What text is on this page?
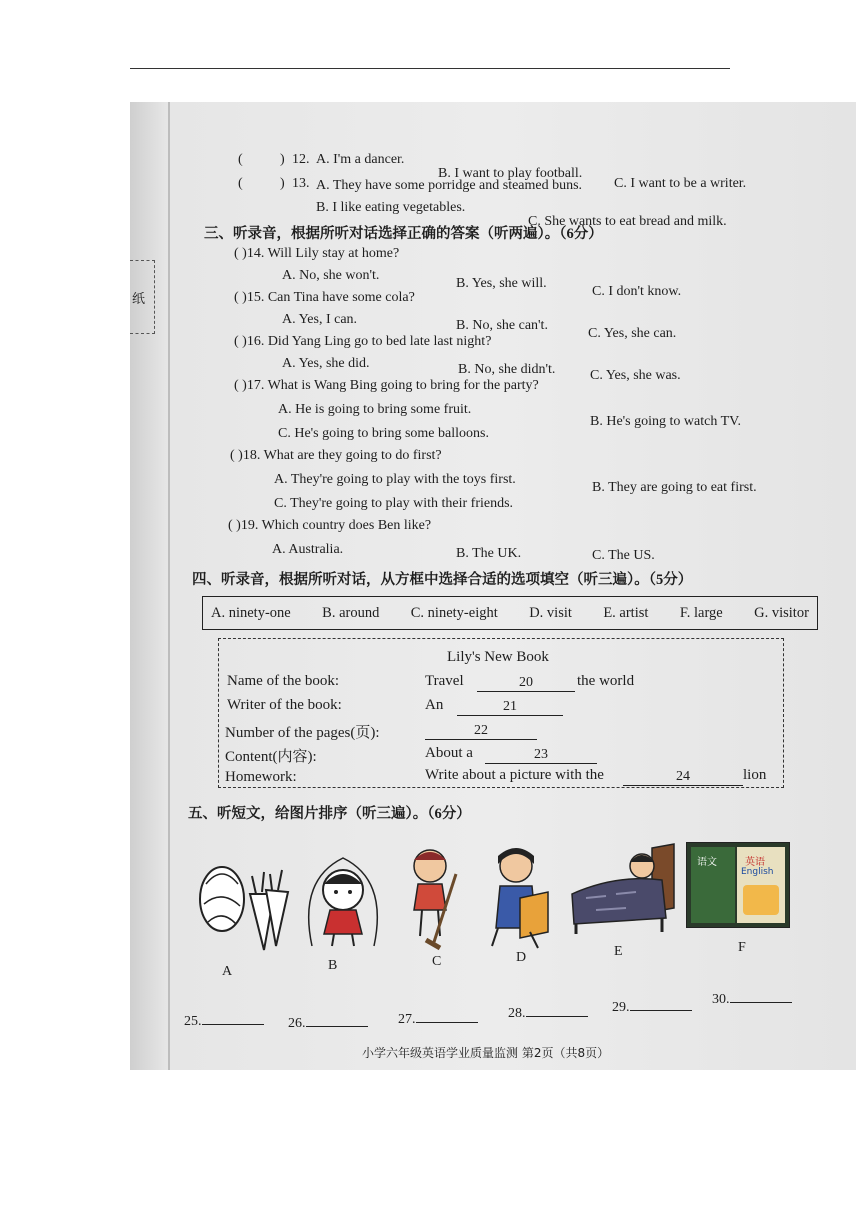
纸
(	) 12. A. I'm a dancer.
B. I want to play football.
C. I want to be a writer.
(	) 13. A. They have some porridge and steamed buns.
B. I like eating vegetables.
C. She wants to eat bread and milk.
三、听录音，根据所听对话选择正确的答案（听两遍）。（6分）
( )14. Will Lily stay at home?
A. No, she won't.
B. Yes, she will.
C. I don't know.
( )15. Can Tina have some cola?
A. Yes, I can.	B. No, she can't.
C. Yes, she can.
( )16. Did Yang Ling go to bed late last night?
A. Yes, she did.	B. No, she didn't. C. Yes, she was.
( )17. What is Wang Bing going to bring for the party?
A. He is going to bring some fruit.
B. He's going to watch TV.
C. He's going to bring some balloons.
( )18. What are they going to do first?
A. They're going to play with the toys first.
B. They are going to eat first.
C. They're going to play with their friends.
( )19. Which country does Ben like?
A. Australia.	B. The UK.	C. The US.
四、听录音，根据所听对话，从方框中选择合适的选项填空（听三遍）。（5分）
A. ninety-one B. around C. ninety-eight D. visit E. artist F. large G. visitor
Lily's New Book
Name of the book:	Travel	20	the world
Writer of the book:	An	21
Number of the pages(页):	22
Content(内容):	About a	23
Homework:	Write about a picture with the	24	lion
五、听短文，给图片排序（听三遍）。（6分）
A	B	C	D	E
语文	英语
English
F
25.	26.	27.	28.	29.
30.
小学六年级英语学业质量监测 第2页（共8页）
